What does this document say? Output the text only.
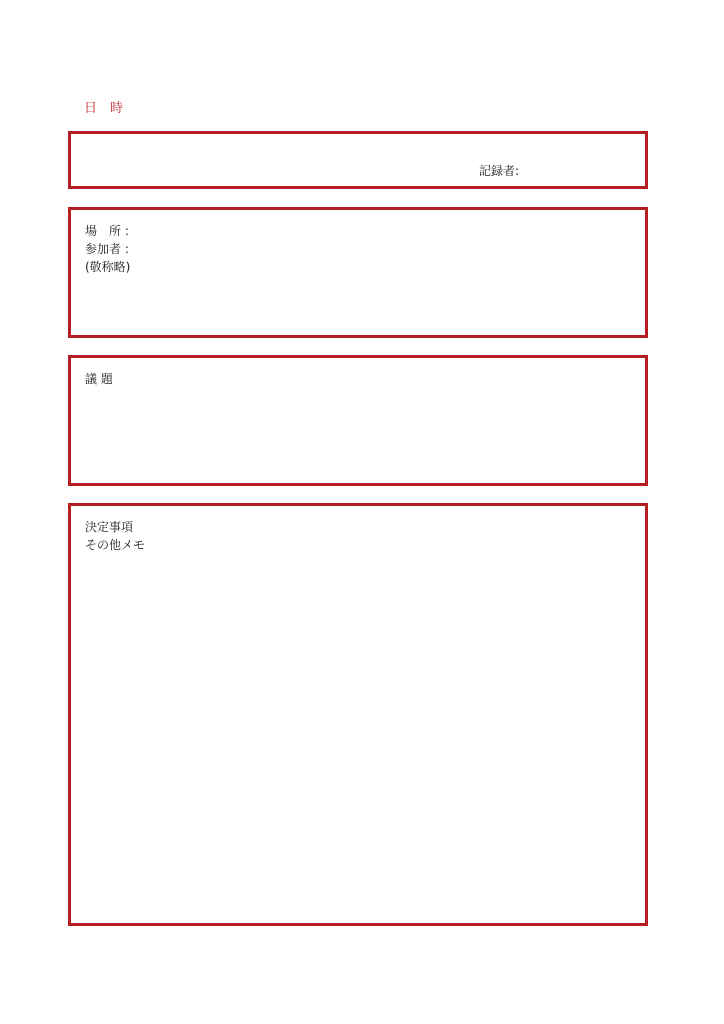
日　時
記録者:
場　所 :
参加者 :
(敬称略)
議 題
決定事項
その他メモ
